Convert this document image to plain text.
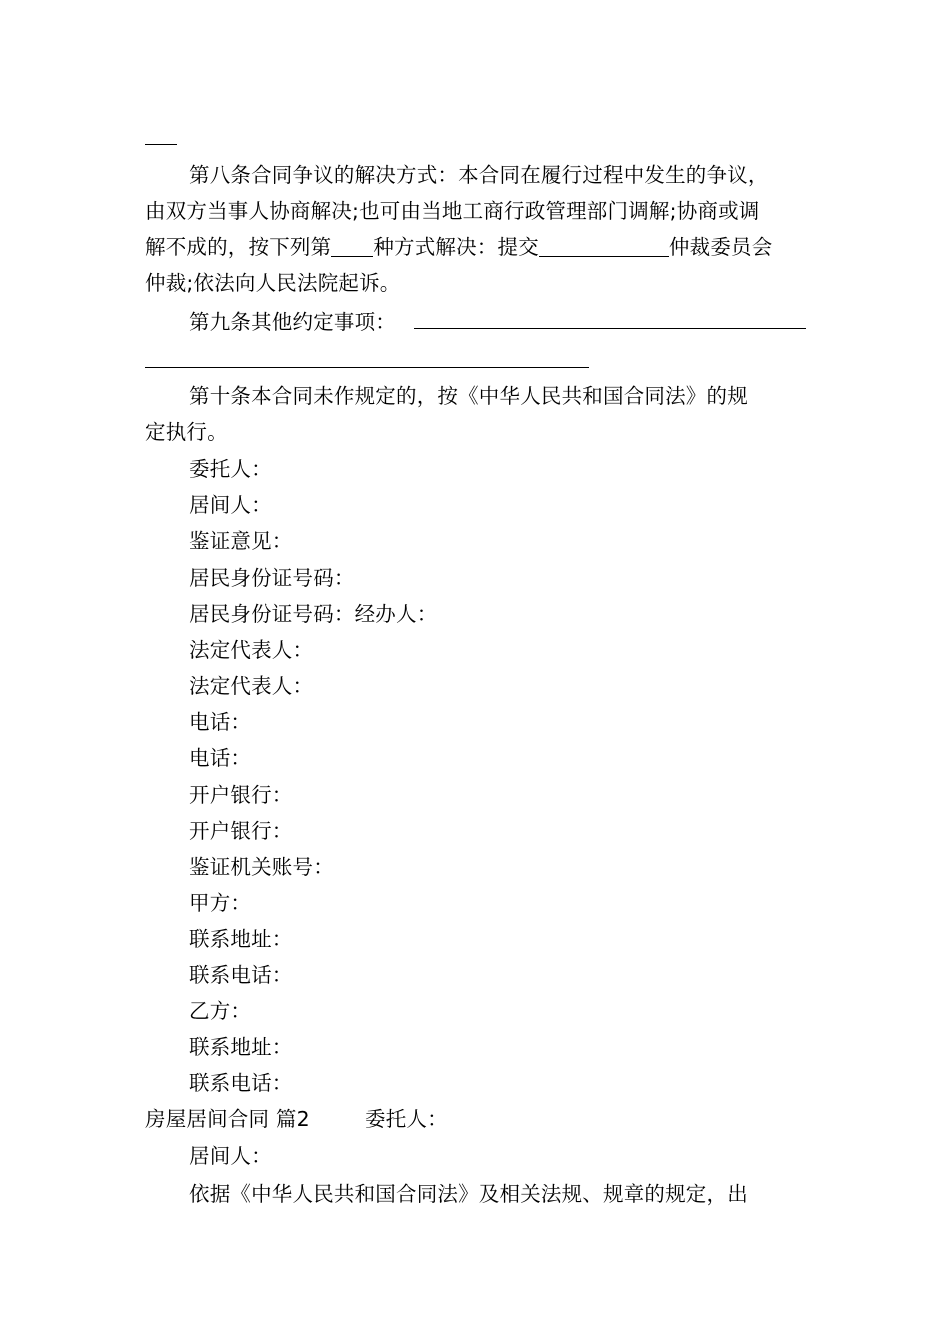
第八条合同争议的解决方式：本合同在履行过程中发生的争议，
由双方当事人协商解决;也可由当地工商行政管理部门调解;协商或调
解不成的，按下列第 种方式解决：提交	仲裁委员会
仲裁;依法向人民法院起诉。
第九条其他约定事项：
第十条本合同未作规定的，按《中华人民共和国合同法》的规
定执行。
委托人：
居间人：
鉴证意见：
居民身份证号码：
居民身份证号码：经办人：
法定代表人：
法定代表人：
电话：
电话：
开户银行：
开户银行：
鉴证机关账号：
甲方：
联系地址：
联系电话：
乙方：
联系地址：
联系电话：
房屋居间合同 篇2	委托人：
居间人：
依据《中华人民共和国合同法》及相关法规、规章的规定，出
